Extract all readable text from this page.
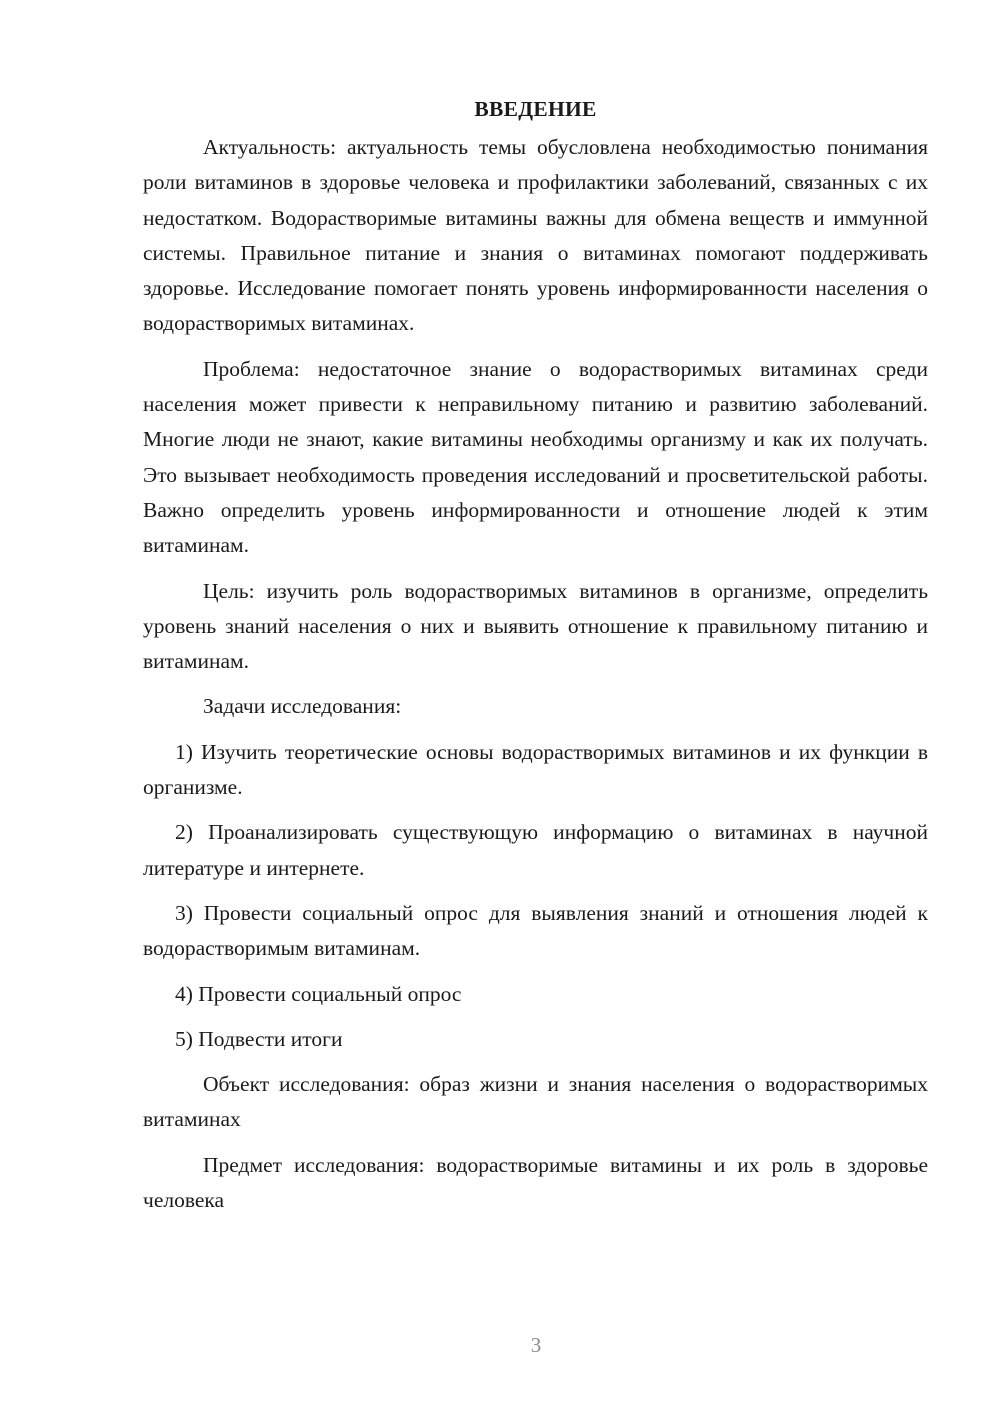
ВВЕДЕНИЕ

Актуальность: актуальность темы обусловлена необходимостью понимания роли витаминов в здоровье человека и профилактики заболеваний, связанных с их недостатком. Водорастворимые витамины важны для обмена веществ и иммунной системы. Правильное питание и знания о витаминах помогают поддерживать здоровье. Исследование помогает понять уровень информированности населения о водорастворимых витаминах.

Проблема: недостаточное знание о водорастворимых витаминах среди населения может привести к неправильному питанию и развитию заболеваний. Многие люди не знают, какие витамины необходимы организму и как их получать. Это вызывает необходимость проведения исследований и просветительской работы. Важно определить уровень информированности и отношение людей к этим витаминам.

Цель: изучить роль водорастворимых витаминов в организме, определить уровень знаний населения о них и выявить отношение к правильному питанию и витаминам.

Задачи исследования:

1) Изучить теоретические основы водорастворимых витаминов и их функции в организме.

2) Проанализировать существующую информацию о витаминах в научной литературе и интернете.

3) Провести социальный опрос для выявления знаний и отношения людей к водорастворимым витаминам.

4) Провести социальный опрос

5) Подвести итоги

Объект исследования: образ жизни и знания населения о водорастворимых витаминах

Предмет исследования: водорастворимые витамины и их роль в здоровье человека

3
